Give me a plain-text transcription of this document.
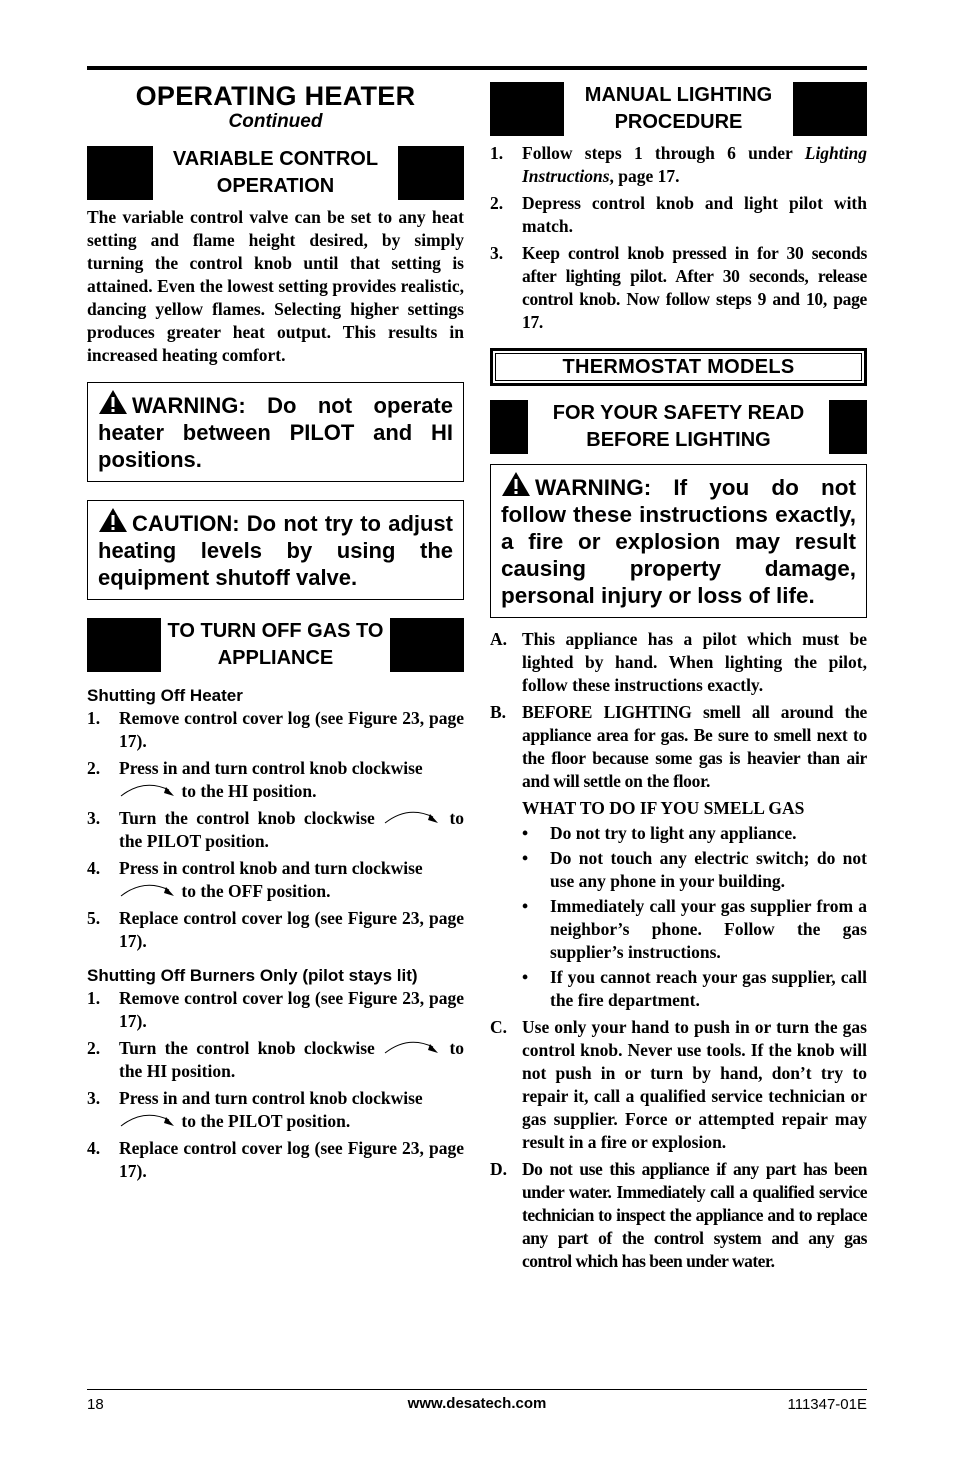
OPERATING HEATER
Continued
VARIABLE CONTROL OPERATION
The variable control valve can be set to any heat setting and flame height desired, by simply turning the control knob until that setting is attained. Even the lowest setting provides realistic, dancing yellow flames. Selecting higher settings produces greater heat output. This results in increased heating comfort.
WARNING: Do not operate heater between PILOT and HI positions.
CAUTION: Do not try to adjust heating levels by using the equipment shutoff valve.
TO TURN OFF GAS TO APPLIANCE
Shutting Off Heater
1.	Remove control cover log (see Figure 23, page 17).
2.	Press in and turn control knob clockwise
to the HI position.
3.	Turn the control knob clockwise	to the PILOT position.
4.	Press in control knob and turn clockwise
to the OFF position.
5.	Replace control cover log (see Figure 23, page 17).
Shutting Off Burners Only (pilot stays lit)
1.	Remove control cover log (see Figure 23, page 17).
2.	Turn the control knob clockwise	to the HI position.
3.	Press in and turn control knob clockwise
to the PILOT position.
4.	Replace control cover log (see Figure 23, page 17).
MANUAL LIGHTING PROCEDURE
1.	Follow steps 1 through 6 under Lighting Instructions, page 17.
2.	Depress control knob and light pilot with match.
3.	Keep control knob pressed in for 30 seconds after lighting pilot. After 30 seconds, release control knob. Now follow steps 9 and 10, page 17.
THERMOSTAT MODELS
FOR YOUR SAFETY READ BEFORE LIGHTING
WARNING: If you do not follow these instructions exactly, a fire or explosion may result causing property damage, personal injury or loss of life.
A. This appliance has a pilot which must be lighted by hand. When lighting the pilot, follow these instructions exactly.
B. BEFORE LIGHTING smell all around the appliance area for gas. Be sure to smell next to the floor because some gas is heavier than air and will settle on the floor.

WHAT TO DO IF YOU SMELL GAS
•	Do not try to light any appliance.
•	Do not touch any electric switch; do not use any phone in your building.
•	Immediately call your gas supplier from a neighbor’s phone. Follow the gas supplier’s instructions.
•	If you cannot reach your gas supplier, call the fire department.
C. Use only your hand to push in or turn the gas control knob. Never use tools. If the knob will not push in or turn by hand, don’t try to repair it, call a qualified service technician or gas supplier. Force or attempted repair may result in a fire or explosion.
D. Do not use this appliance if any part has been under water. Immediately call a qualified service technician to inspect the appliance and to replace any part of the control system and any gas control which has been under water.
18	www.desatech.com	111347-01E
